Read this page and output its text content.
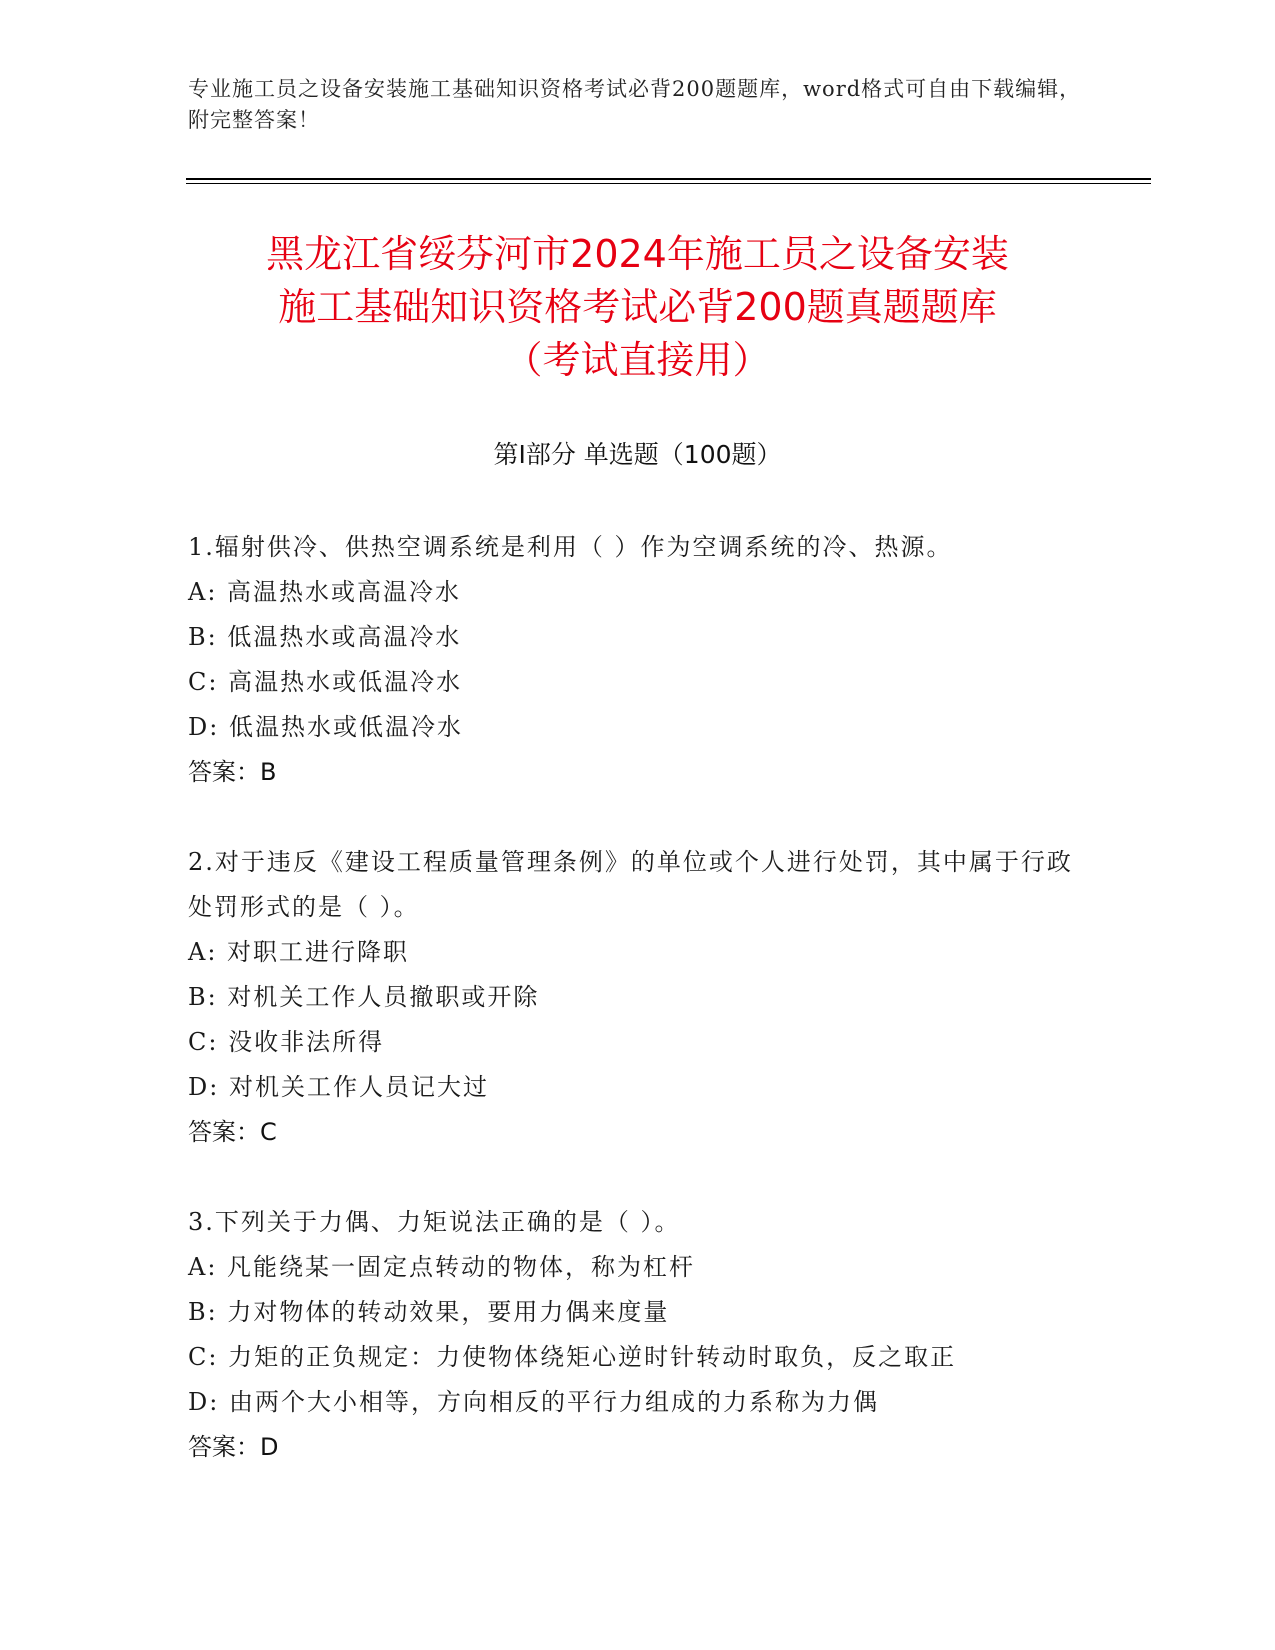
专业施工员之设备安装施工基础知识资格考试必背200题题库，word格式可自由下载编辑，附完整答案！
黑龙江省绥芬河市2024年施工员之设备安装
施工基础知识资格考试必背200题真题题库
（考试直接用）
第Ⅰ部分 单选题（100题）
1.辐射供冷、供热空调系统是利用（ ）作为空调系统的冷、热源。
A: 高温热水或高温冷水
B: 低温热水或高温冷水
C: 高温热水或低温冷水
D: 低温热水或低温冷水
答案：B
2.对于违反《建设工程质量管理条例》的单位或个人进行处罚，其中属于行政处罚形式的是（ ）。
A: 对职工进行降职
B: 对机关工作人员撤职或开除
C: 没收非法所得
D: 对机关工作人员记大过
答案：C
3.下列关于力偶、力矩说法正确的是（ ）。
A: 凡能绕某一固定点转动的物体，称为杠杆
B: 力对物体的转动效果，要用力偶来度量
C: 力矩的正负规定：力使物体绕矩心逆时针转动时取负，反之取正
D: 由两个大小相等，方向相反的平行力组成的力系称为力偶
答案：D
